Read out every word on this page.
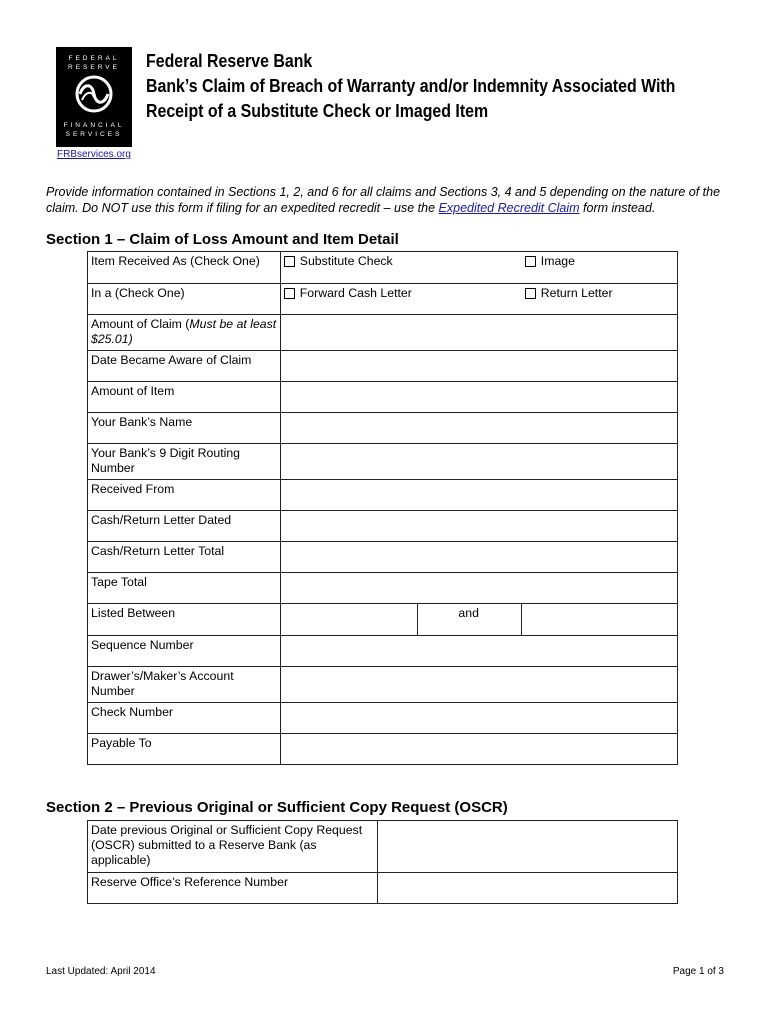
FEDERAL
RESERVE
FINANCIAL
SERVICES
FRBservices.org
Federal Reserve Bank
Bank’s Claim of Breach of Warranty and/or Indemnity Associated With
Receipt of a Substitute Check or Imaged Item
Provide information contained in Sections 1, 2, and 6 for all claims and Sections 3, 4 and 5 depending on the nature of the claim. Do NOT use this form if filing for an expedited recredit – use the Expedited Recredit Claim form instead.
Section 1 – Claim of Loss Amount and Item Detail
Item Received As (Check One)	Substitute Check		Image
In a (Check One)	Forward Cash Letter		Return Letter
Amount of Claim (Must be at least $25.01)			
Date Became Aware of Claim			
Amount of Item			
Your Bank’s Name			
Your Bank’s 9 Digit Routing Number			
Received From			
Cash/Return Letter Dated			
Cash/Return Letter Total			
Tape Total			
Listed Between		and	
Sequence Number			
Drawer’s/Maker’s Account Number			
Check Number			
Payable To			
Section 2 – Previous Original or Sufficient Copy Request (OSCR)
Date previous Original or Sufficient Copy Request (OSCR) submitted to a Reserve Bank (as applicable)	
Reserve Office’s Reference Number	
Last Updated: April 2014	Page 1 of 3
